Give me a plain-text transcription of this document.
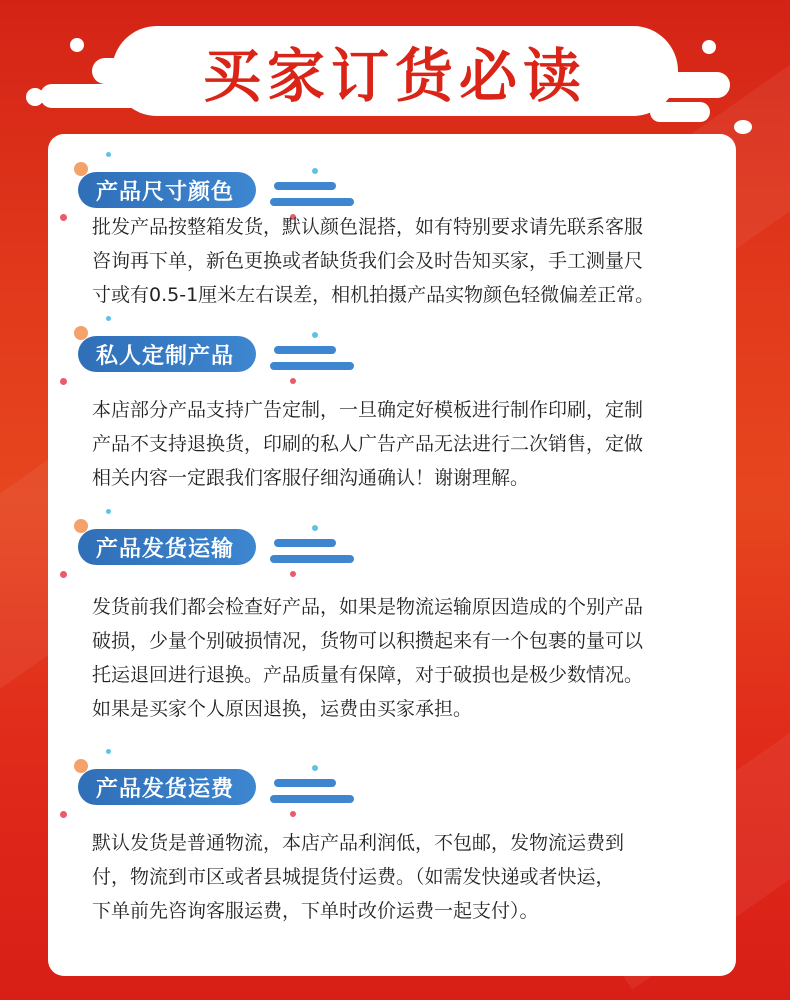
买家订货必读
产品尺寸颜色
批发产品按整箱发货，默认颜色混搭，如有特别要求请先联系客服
咨询再下单，新色更换或者缺货我们会及时告知买家，手工测量尺
寸或有0.5-1厘米左右误差，相机拍摄产品实物颜色轻微偏差正常。
私人定制产品
本店部分产品支持广告定制，一旦确定好模板进行制作印刷，定制
产品不支持退换货，印刷的私人广告产品无法进行二次销售，定做
相关内容一定跟我们客服仔细沟通确认！谢谢理解。
产品发货运输
发货前我们都会检查好产品，如果是物流运输原因造成的个别产品
破损，少量个别破损情况，货物可以积攒起来有一个包裹的量可以
托运退回进行退换。产品质量有保障，对于破损也是极少数情况。
如果是买家个人原因退换，运费由买家承担。
产品发货运费
默认发货是普通物流，本店产品利润低，不包邮，发物流运费到
付，物流到市区或者县城提货付运费。（如需发快递或者快运，
下单前先咨询客服运费，下单时改价运费一起支付）。
